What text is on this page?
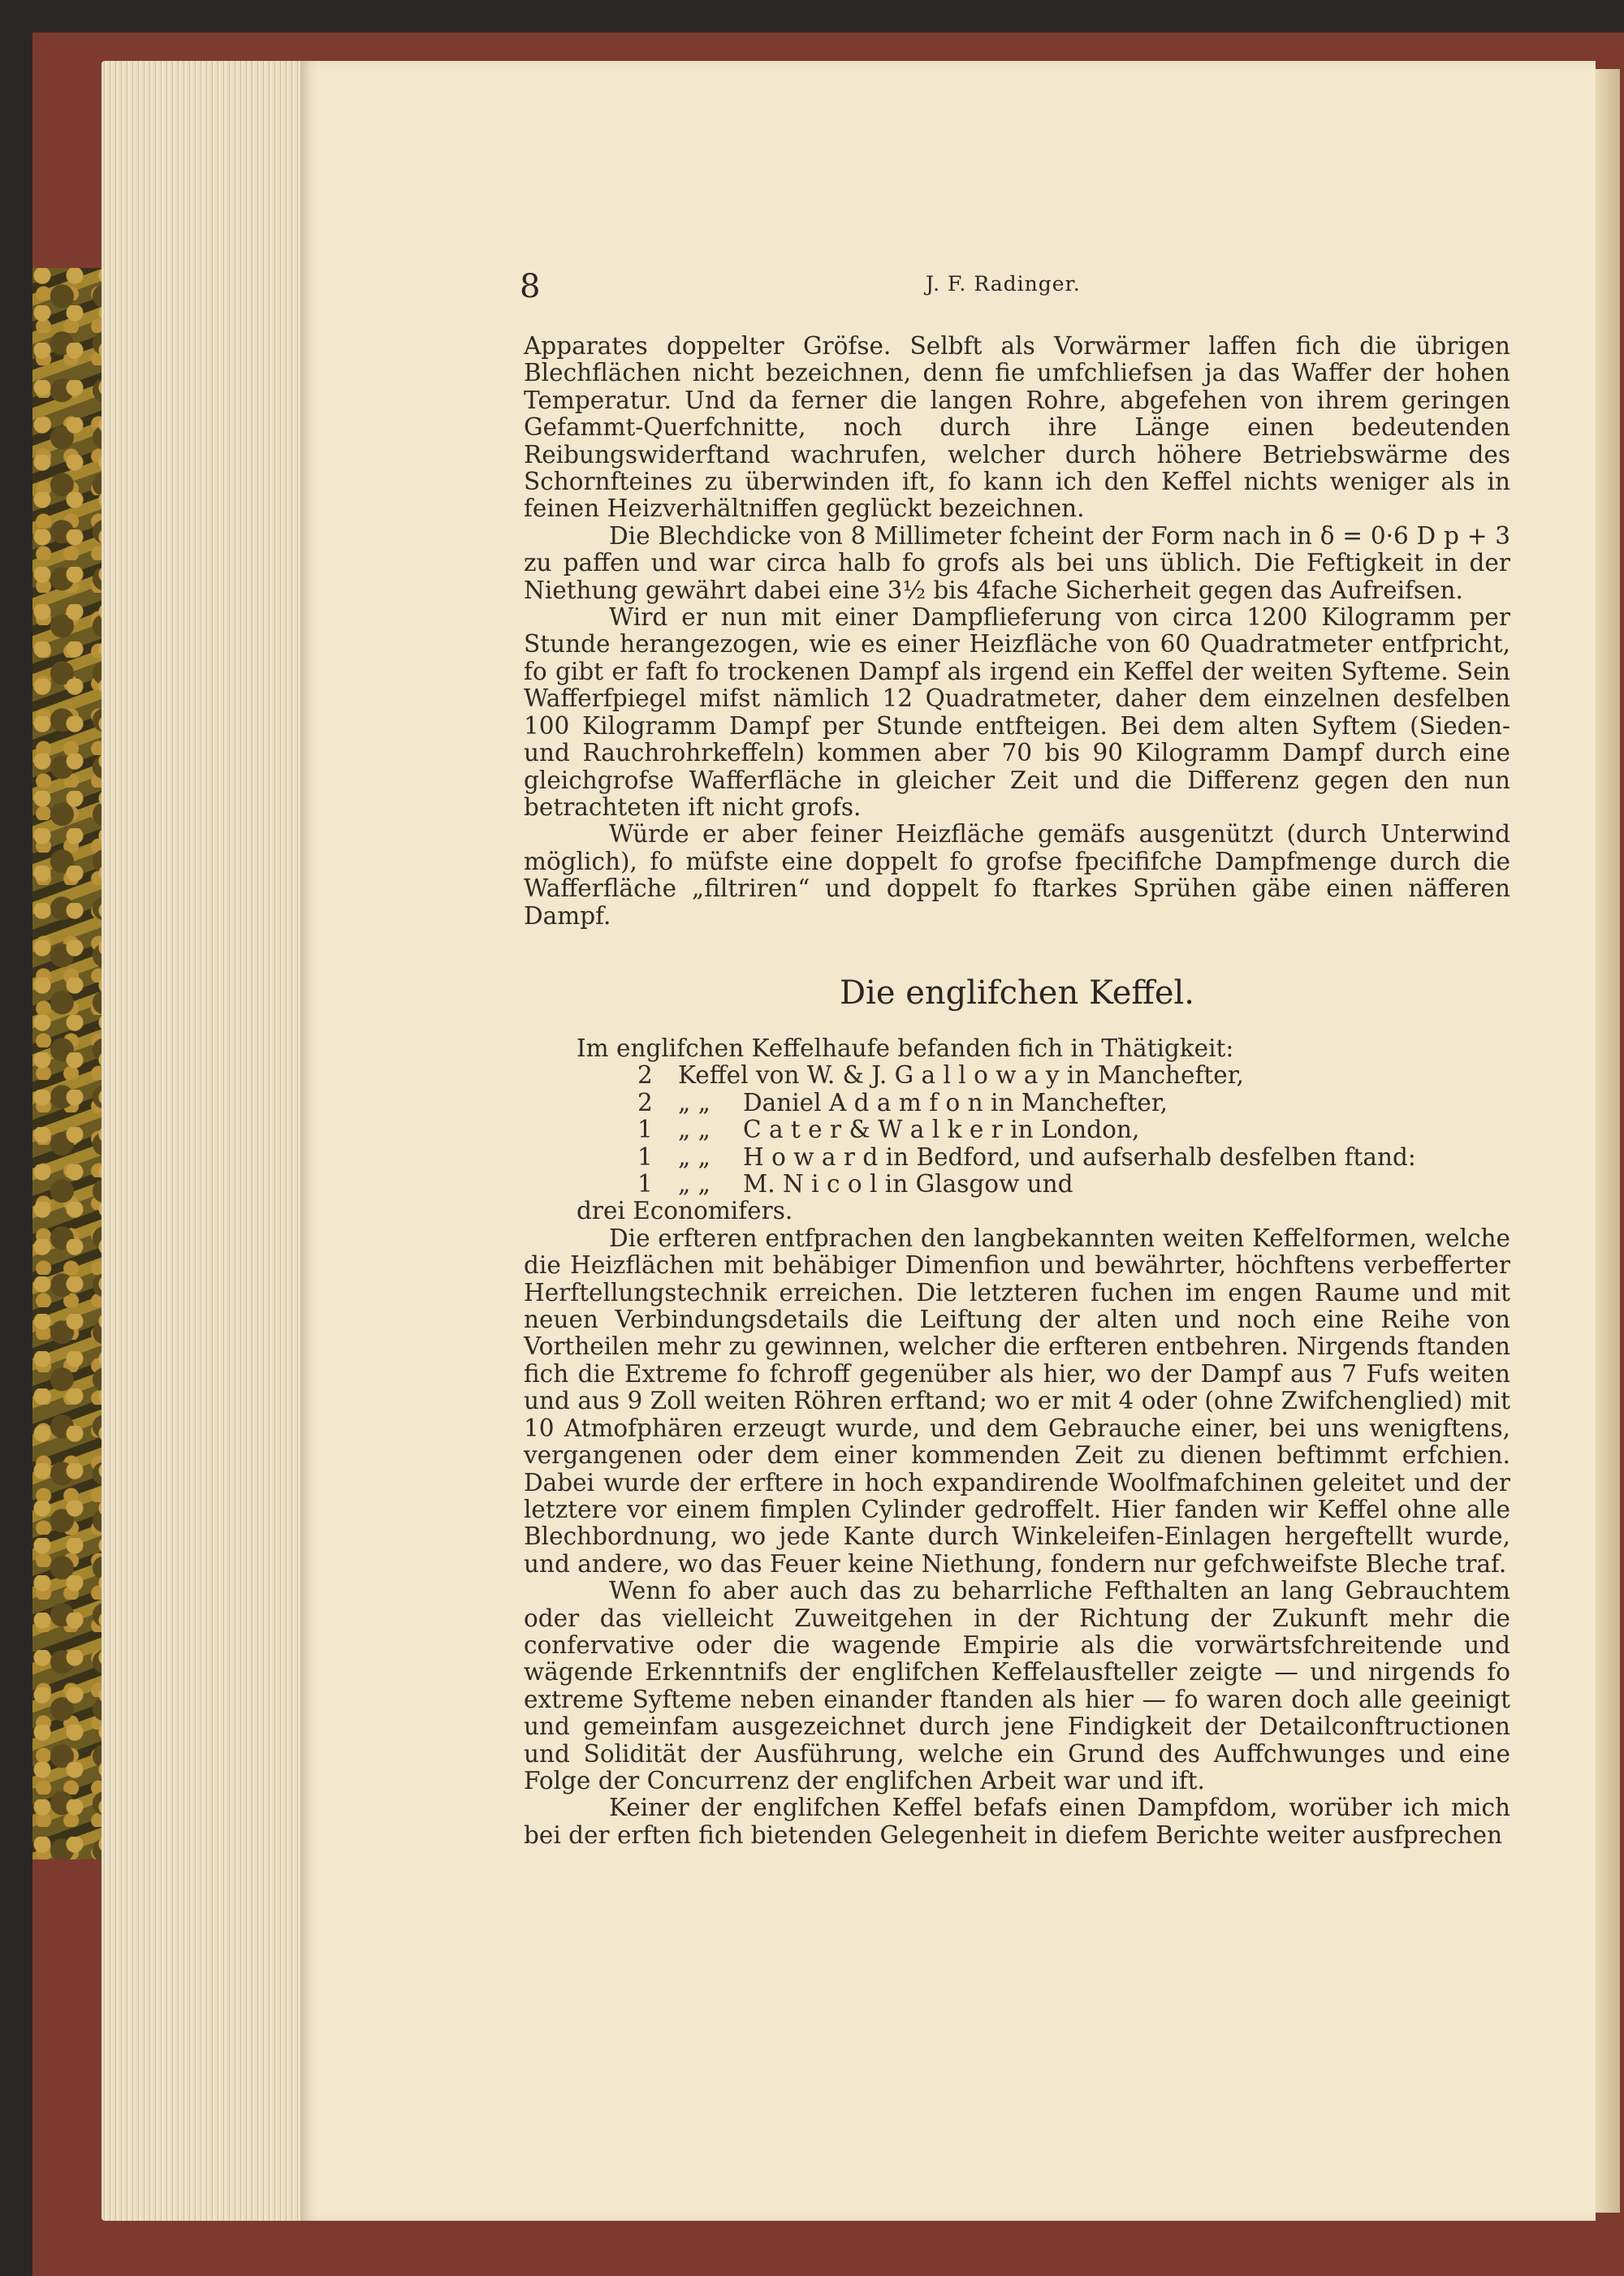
8	J. F. Radinger.

Apparates doppelter Gröfse. Selbft als Vorwärmer laffen fich die übrigen Blechflächen nicht bezeichnen, denn fie umfchliefsen ja das Waffer der hohen Temperatur. Und da ferner die langen Rohre, abgefehen von ihrem geringen Gefammt-Querfchnitte, noch durch ihre Länge einen bedeutenden Reibungswiderftand wachrufen, welcher durch höhere Betriebswärme des Schornfteines zu überwinden ift, fo kann ich den Keffel nichts weniger als in feinen Heizverhältniffen geglückt bezeichnen.

Die Blechdicke von 8 Millimeter fcheint der Form nach in δ = 0·6 D p + 3 zu paffen und war circa halb fo grofs als bei uns üblich. Die Feftigkeit in der Niethung gewährt dabei eine 3½ bis 4fache Sicherheit gegen das Aufreifsen.

Wird er nun mit einer Dampflieferung von circa 1200 Kilogramm per Stunde herangezogen, wie es einer Heizfläche von 60 Quadratmeter entfpricht, fo gibt er faft fo trockenen Dampf als irgend ein Keffel der weiten Syfteme. Sein Wafferfpiegel mifst nämlich 12 Quadratmeter, daher dem einzelnen desfelben 100 Kilogramm Dampf per Stunde entfteigen. Bei dem alten Syftem (Sieden- und Rauchrohrkeffeln) kommen aber 70 bis 90 Kilogramm Dampf durch eine gleichgrofse Wafferfläche in gleicher Zeit und die Differenz gegen den nun betrachteten ift nicht grofs.

Würde er aber feiner Heizfläche gemäfs ausgenützt (durch Unterwind möglich), fo müfste eine doppelt fo grofse fpecififche Dampfmenge durch die Wafferfläche „filtriren“ und doppelt fo ftarkes Sprühen gäbe einen näfferen Dampf.

Die englifchen Keffel.
Im englifchen Keffelhaufe befanden fich in Thätigkeit:
2 Keffel von W. & J. G a l l o w a y in Manchefter,
2 „ „ Daniel A d a m f o n in Manchefter,
1 „ „ C a t e r & W a l k e r in London,
1 „ „ H o w a r d in Bedford, und aufserhalb desfelben ftand:
1 „ „ M. N i c o l in Glasgow und
drei Economifers.

Die erfteren entfprachen den langbekannten weiten Keffelformen, welche die Heizflächen mit behäbiger Dimenfion und bewährter, höchftens verbefferter Herftellungstechnik erreichen. Die letzteren fuchen im engen Raume und mit neuen Verbindungsdetails die Leiftung der alten und noch eine Reihe von Vortheilen mehr zu gewinnen, welcher die erfteren entbehren. Nirgends ftanden fich die Extreme fo fchroff gegenüber als hier, wo der Dampf aus 7 Fufs weiten und aus 9 Zoll weiten Röhren erftand; wo er mit 4 oder (ohne Zwifchenglied) mit 10 Atmofphären erzeugt wurde, und dem Gebrauche einer, bei uns wenigftens, vergangenen oder dem einer kommenden Zeit zu dienen beftimmt erfchien. Dabei wurde der erftere in hoch expandirende Woolfmafchinen geleitet und der letztere vor einem fimplen Cylinder gedroffelt. Hier fanden wir Keffel ohne alle Blechbordnung, wo jede Kante durch Winkeleifen-Einlagen hergeftellt wurde, und andere, wo das Feuer keine Niethung, fondern nur gefchweifste Bleche traf.

Wenn fo aber auch das zu beharrliche Fefthalten an lang Gebrauchtem oder das vielleicht Zuweitgehen in der Richtung der Zukunft mehr die confervative oder die wagende Empirie als die vorwärtsfchreitende und wägende Erkenntnifs der englifchen Keffelausfteller zeigte — und nirgends fo extreme Syfteme neben einander ftanden als hier — fo waren doch alle geeinigt und gemeinfam ausgezeichnet durch jene Findigkeit der Detailconftructionen und Solidität der Ausführung, welche ein Grund des Auffchwunges und eine Folge der Concurrenz der englifchen Arbeit war und ift.

Keiner der englifchen Keffel befafs einen Dampfdom, worüber ich mich bei der erften fich bietenden Gelegenheit in diefem Berichte weiter ausfprechen
